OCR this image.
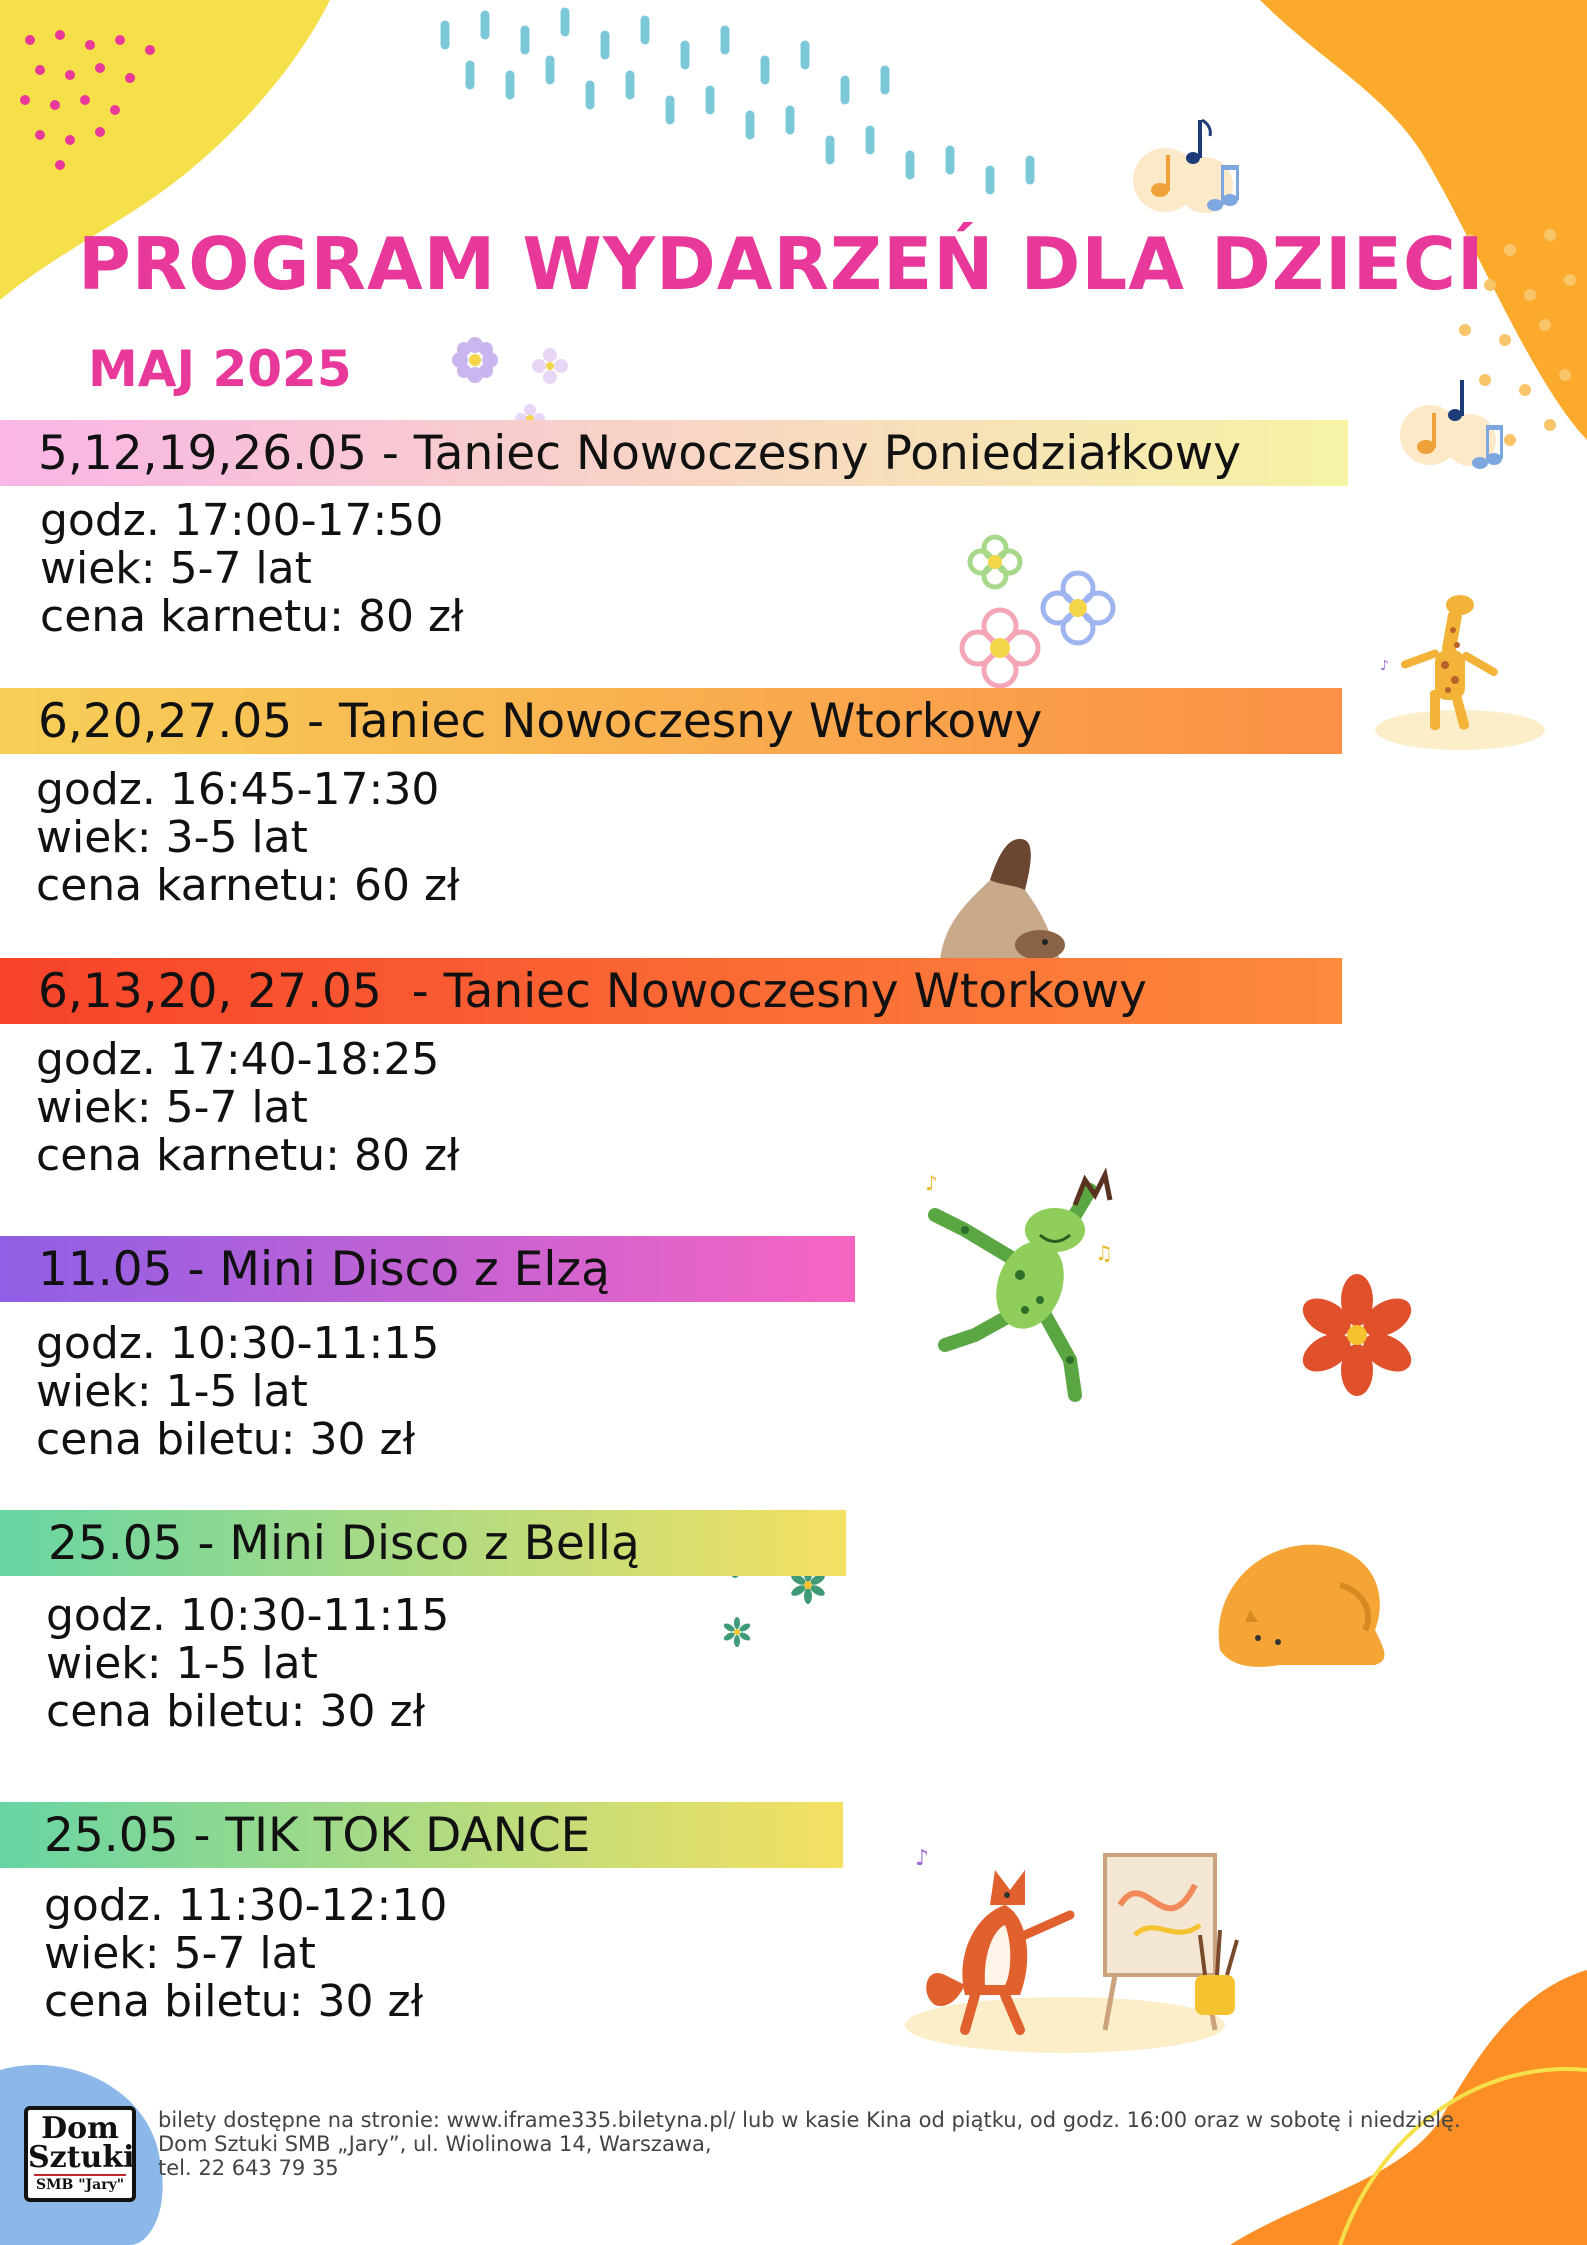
♪
♪
♫
♪
PROGRAM WYDARZEŃ DLA DZIECI
MAJ 2025
5,12,19,26.05 - Taniec Nowoczesny Poniedziałkowy
godz. 17:00-17:50
wiek: 5-7 lat
cena karnetu: 80 zł
6,20,27.05 - Taniec Nowoczesny Wtorkowy
godz. 16:45-17:30
wiek: 3-5 lat
cena karnetu: 60 zł
6,13,20, 27.05  - Taniec Nowoczesny Wtorkowy
godz. 17:40-18:25
wiek: 5-7 lat
cena karnetu: 80 zł
11.05 - Mini Disco z Elzą
godz. 10:30-11:15
wiek: 1-5 lat
cena biletu: 30 zł
25.05 - Mini Disco z Bellą
godz. 10:30-11:15
wiek: 1-5 lat
cena biletu: 30 zł
25.05 - TIK TOK DANCE
godz. 11:30-12:10
wiek: 5-7 lat
cena biletu: 30 zł
Dom
Sztuki
SMB "Jary"
bilety dostępne na stronie: www.iframe335.biletyna.pl/ lub w kasie Kina od piątku, od godz. 16:00 oraz w sobotę i niedzielę.
Dom Sztuki SMB „Jary”, ul. Wiolinowa 14, Warszawa,
tel. 22 643 79 35
